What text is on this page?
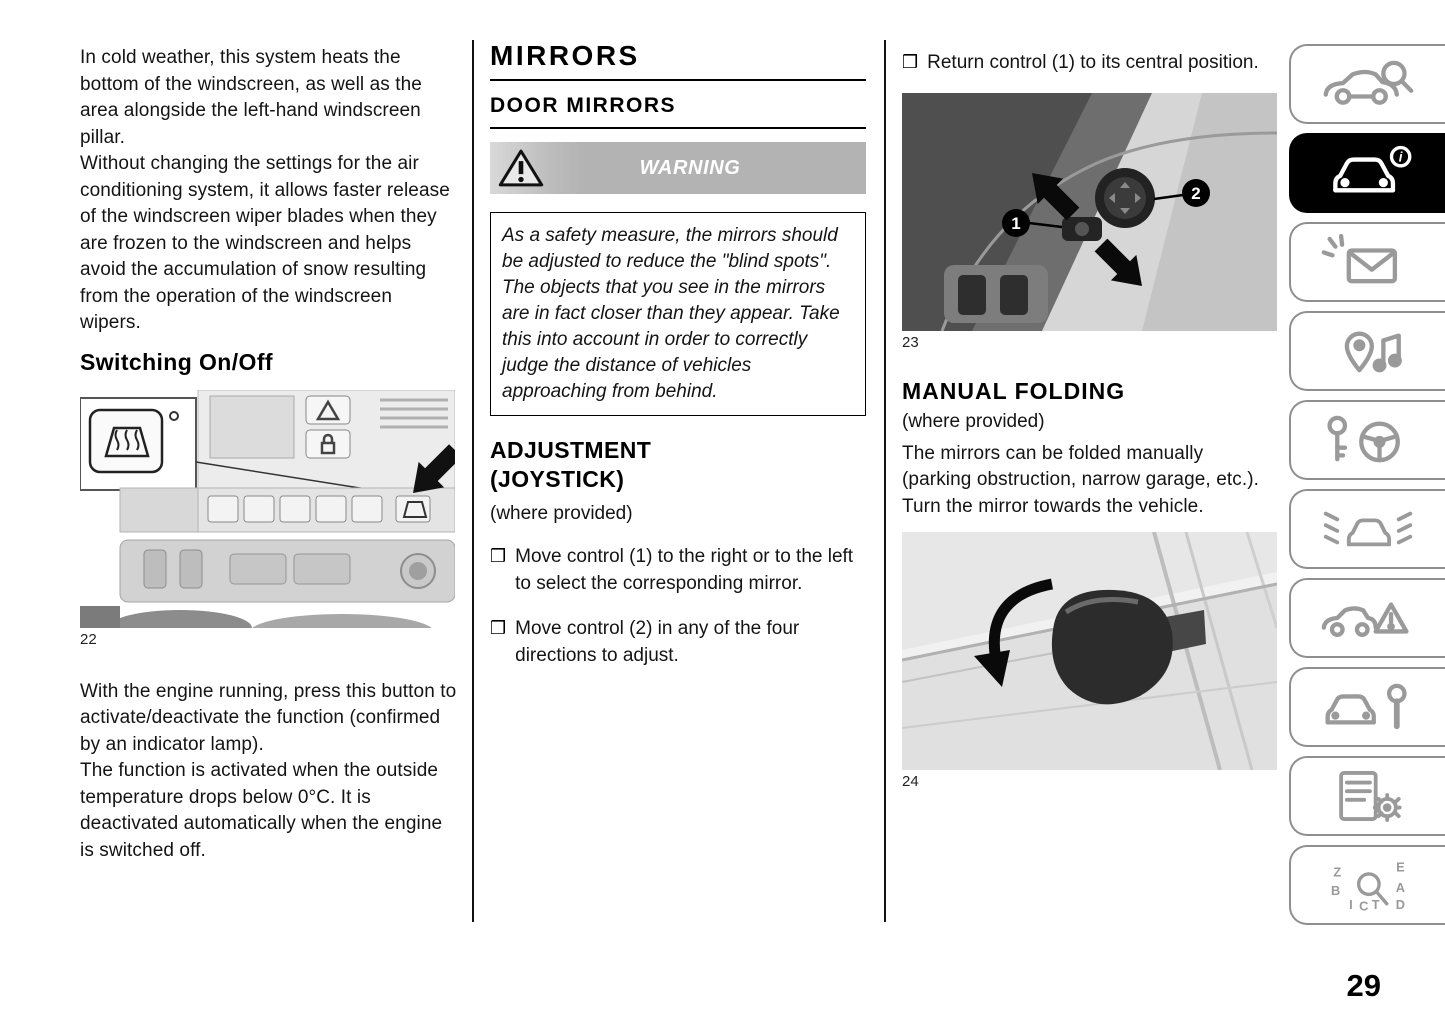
In cold weather, this system heats the bottom of the windscreen, as well as the area alongside the left-hand windscreen pillar.

Without changing the settings for the air conditioning system, it allows faster release of the windscreen wiper blades when they are frozen to the windscreen and helps avoid the accumulation of snow resulting from the operation of the windscreen wipers.

Switching On/Off
22

With the engine running, press this button to activate/deactivate the function (confirmed by an indicator lamp).

The function is activated when the outside temperature drops below 0°C. It is deactivated automatically when the engine is switched off.

MIRRORS
DOOR MIRRORS
WARNING
As a safety measure, the mirrors should be adjusted to reduce the "blind spots". The objects that you see in the mirrors are in fact closer than they appear. Take this into account in order to correctly judge the distance of vehicles approaching from behind.
ADJUSTMENT (JOYSTICK)
(where provided)
❒ Move control (1) to the right or to the left to select the corresponding mirror.
❒ Move control (2) in any of the four directions to adjust.
❒ Return control (1) to its central position.
1
2
23
MANUAL FOLDING
(where provided)

The mirrors can be folded manually (parking obstruction, narrow garage, etc.). Turn the mirror towards the vehicle.

24
i
Z	E
B	A
I C T D
29
